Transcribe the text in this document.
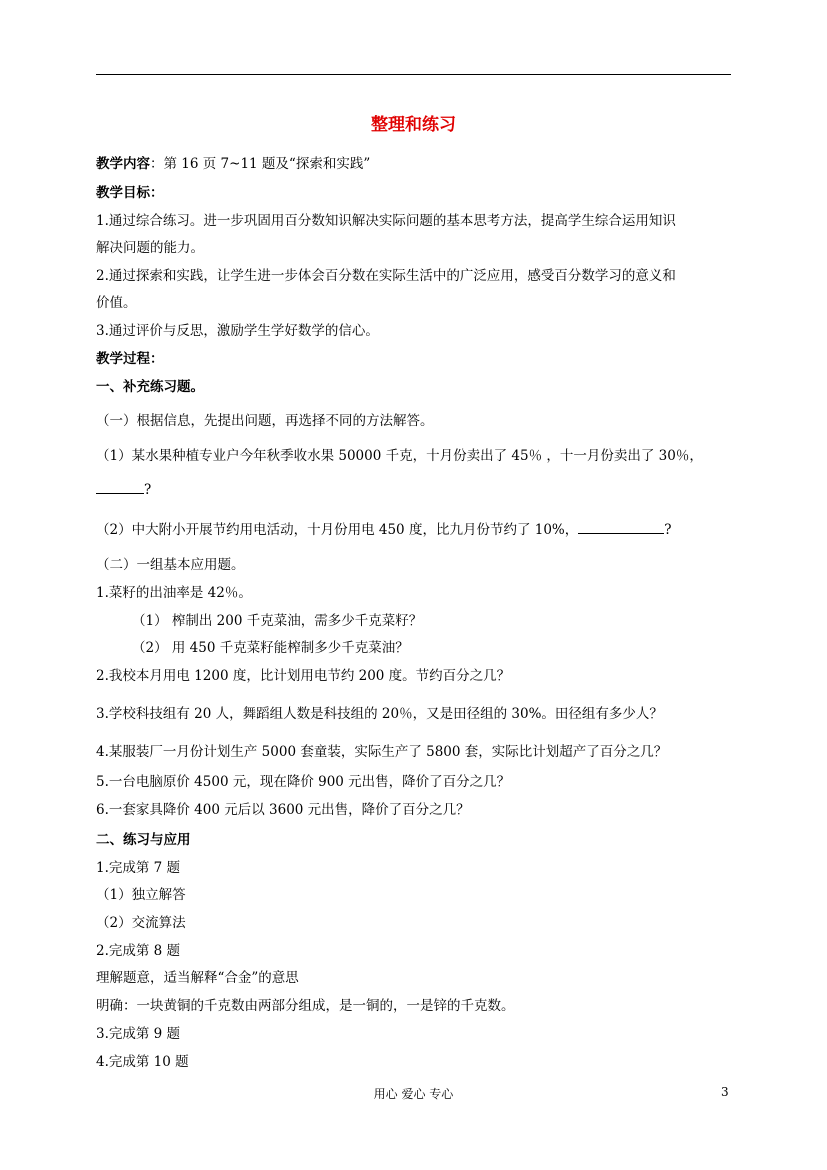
整理和练习
教学内容：第 16 页 7~11 题及“探索和实践”
教学目标：
1.通过综合练习。进一步巩固用百分数知识解决实际问题的基本思考方法，提高学生综合运用知识
解决问题的能力。
2.通过探索和实践，让学生进一步体会百分数在实际生活中的广泛应用，感受百分数学习的意义和
价值。
3.通过评价与反思，激励学生学好数学的信心。
教学过程：
一、补充练习题。
（一）根据信息，先提出问题，再选择不同的方法解答。
（1）某水果种植专业户今年秋季收水果 50000 千克，十月份卖出了 45％ ，十一月份卖出了 30％，
?
（2）中大附小开展节约用电活动，十月份用电 450 度，比九月份节约了 10%，	?
（二）一组基本应用题。
1.菜籽的出油率是 42％。
（1） 榨制出 200 千克菜油，需多少千克菜籽？
（2） 用 450 千克菜籽能榨制多少千克菜油？
2.我校本月用电 1200 度，比计划用电节约 200 度。节约百分之几？
3.学校科技组有 20 人，舞蹈组人数是科技组的 20％，又是田径组的 30%。田径组有多少人？
4.某服装厂一月份计划生产 5000 套童装，实际生产了 5800 套，实际比计划超产了百分之几？
5.一台电脑原价 4500 元，现在降价 900 元出售，降价了百分之几？
6.一套家具降价 400 元后以 3600 元出售，降价了百分之几？
二、练习与应用
1.完成第 7 题
（1）独立解答
（2）交流算法
2.完成第 8 题
理解题意，适当解释“合金”的意思
明确：一块黄铜的千克数由两部分组成，是一铜的，一是锌的千克数。
3.完成第 9 题
4.完成第 10 题
用心 爱心 专心	3
